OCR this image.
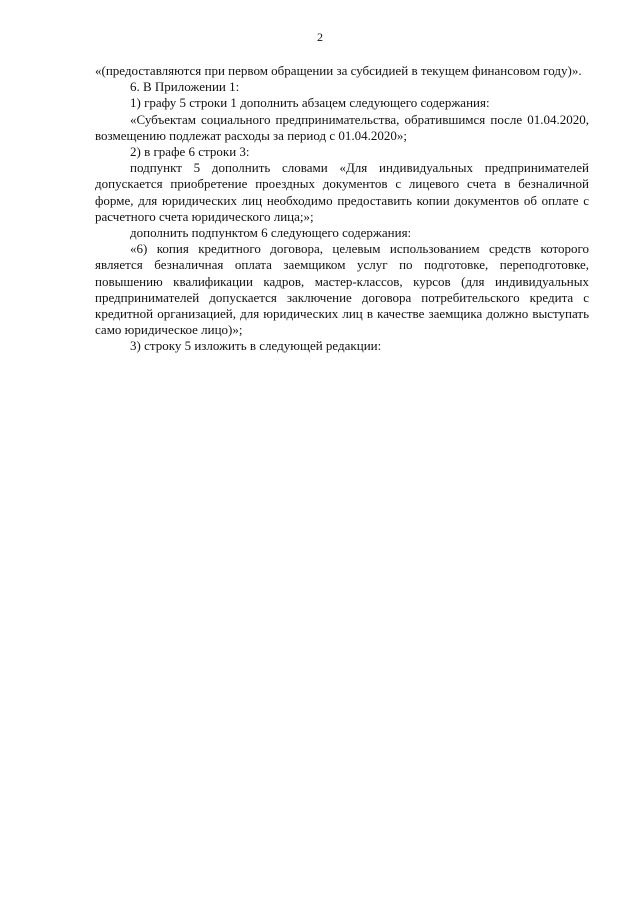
2

«(предоставляются при первом обращении за субсидией в текущем финансовом году)».

6. В Приложении 1:

1) графу 5 строки 1 дополнить абзацем следующего содержания:

«Субъектам социального предпринимательства, обратившимся после 01.04.2020, возмещению подлежат расходы за период с 01.04.2020»;

2) в графе 6 строки 3:

подпункт 5 дополнить словами «Для индивидуальных предпринимателей допускается приобретение проездных документов с лицевого счета в безналичной форме, для юридических лиц необходимо предоставить копии документов об оплате с расчетного счета юридического лица;»;

дополнить подпунктом 6 следующего содержания:

«6) копия кредитного договора, целевым использованием средств которого является безналичная оплата заемщиком услуг по подготовке, переподготовке, повышению квалификации кадров, мастер-классов, курсов (для индивидуальных предпринимателей допускается заключение договора потребительского кредита с кредитной организацией, для юридических лиц в качестве заемщика должно выступать само юридическое лицо)»;

3) строку 5 изложить в следующей редакции:
